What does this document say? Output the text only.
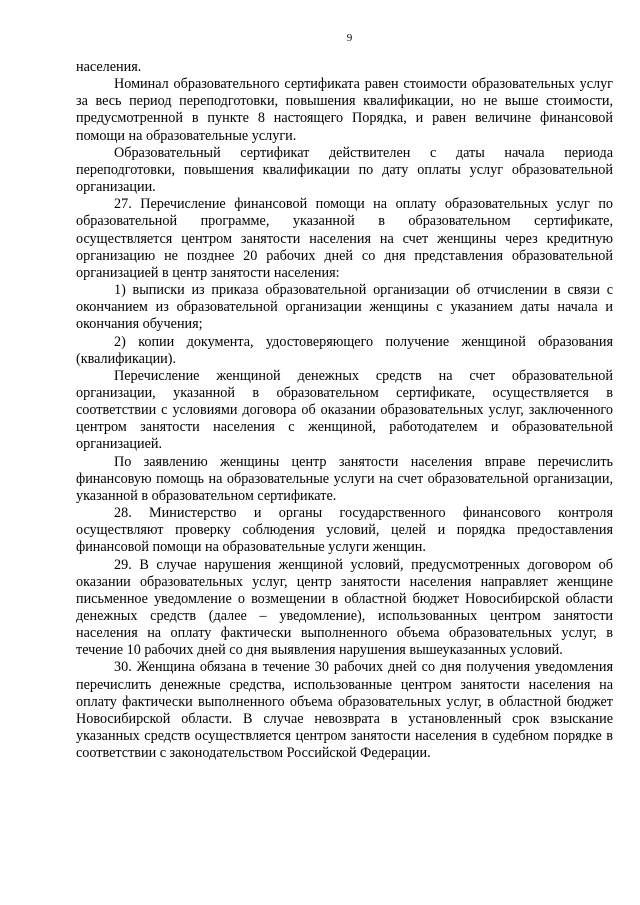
9

населения.

Номинал образовательного сертификата равен стоимости образовательных услуг за весь период переподготовки, повышения квалификации, но не выше стоимости, предусмотренной в пункте 8 настоящего Порядка, и равен величине финансовой помощи на образовательные услуги.

Образовательный сертификат действителен с даты начала периода переподготовки, повышения квалификации по дату оплаты услуг образовательной организации.

27. Перечисление финансовой помощи на оплату образовательных услуг по образовательной программе, указанной в образовательном сертификате, осуществляется центром занятости населения на счет женщины через кредитную организацию не позднее 20 рабочих дней со дня представления образовательной организацией в центр занятости населения:

1) выписки из приказа образовательной организации об отчислении в связи с окончанием из образовательной организации женщины с указанием даты начала и окончания обучения;

2) копии документа, удостоверяющего получение женщиной образования (квалификации).

Перечисление женщиной денежных средств на счет образовательной организации, указанной в образовательном сертификате, осуществляется в соответствии с условиями договора об оказании образовательных услуг, заключенного центром занятости населения с женщиной, работодателем и образовательной организацией.

По заявлению женщины центр занятости населения вправе перечислить финансовую помощь на образовательные услуги на счет образовательной организации, указанной в образовательном сертификате.

28. Министерство и органы государственного финансового контроля осуществляют проверку соблюдения условий, целей и порядка предоставления финансовой помощи на образовательные услуги женщин.

29. В случае нарушения женщиной условий, предусмотренных договором об оказании образовательных услуг, центр занятости населения направляет женщине письменное уведомление о возмещении в областной бюджет Новосибирской области денежных средств (далее – уведомление), использованных центром занятости населения на оплату фактически выполненного объема образовательных услуг, в течение 10 рабочих дней со дня выявления нарушения вышеуказанных условий.

30. Женщина обязана в течение 30 рабочих дней со дня получения уведомления перечислить денежные средства, использованные центром занятости населения на оплату фактически выполненного объема образовательных услуг, в областной бюджет Новосибирской области. В случае невозврата в установленный срок взыскание указанных средств осуществляется центром занятости населения в судебном порядке в соответствии с законодательством Российской Федерации.
